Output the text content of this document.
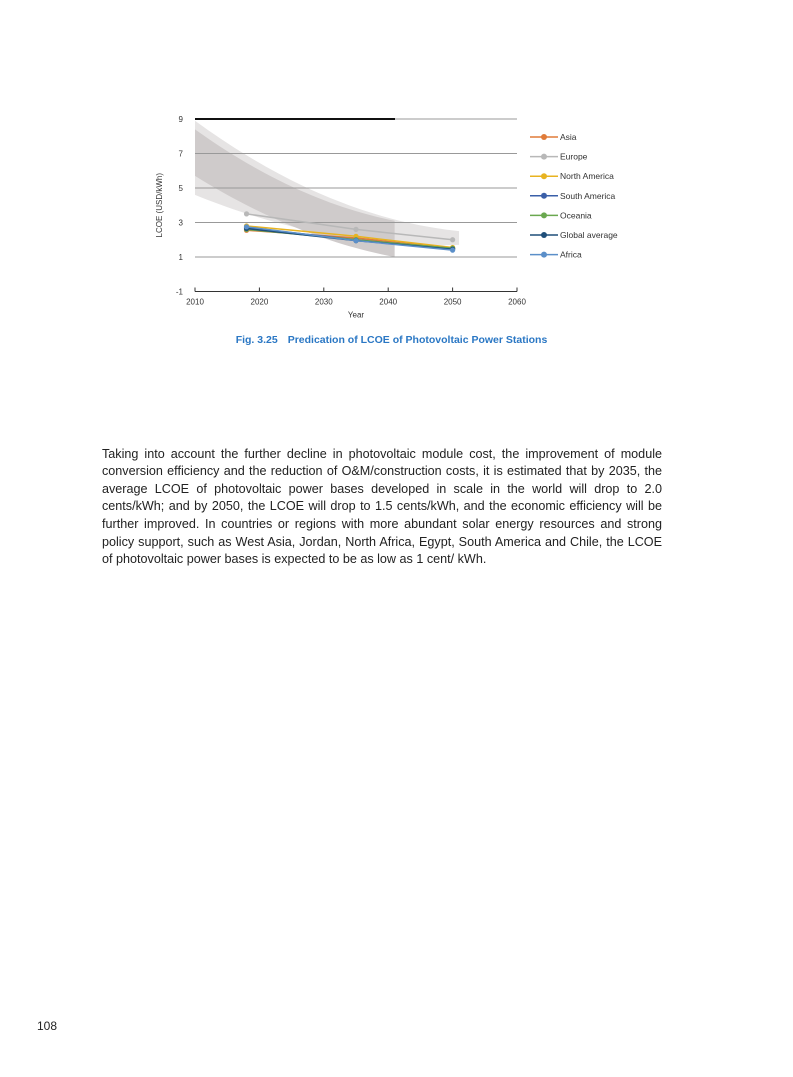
-1
1
3
5
7
9
2010	2020	2030	2040	2050	2060
Year
LCOE (USD/kWh)
Asia
Europe
North America
South America
Oceania
Global average
Africa
Fig. 3.25 Predication of LCOE of Photovoltaic Power Stations

Taking into account the further decline in photovoltaic module cost, the improvement of module conversion efficiency and the reduction of O&M/construction costs, it is estimated that by 2035, the average LCOE of photovoltaic power bases developed in scale in the world will drop to 2.0 cents/kWh; and by 2050, the LCOE will drop to 1.5 cents/kWh, and the economic efficiency will be further improved. In countries or regions with more abundant solar energy resources and strong policy support, such as West Asia, Jordan, North Africa, Egypt, South America and Chile, the LCOE of photovoltaic power bases is expected to be as low as 1 cent/ kWh.

108
